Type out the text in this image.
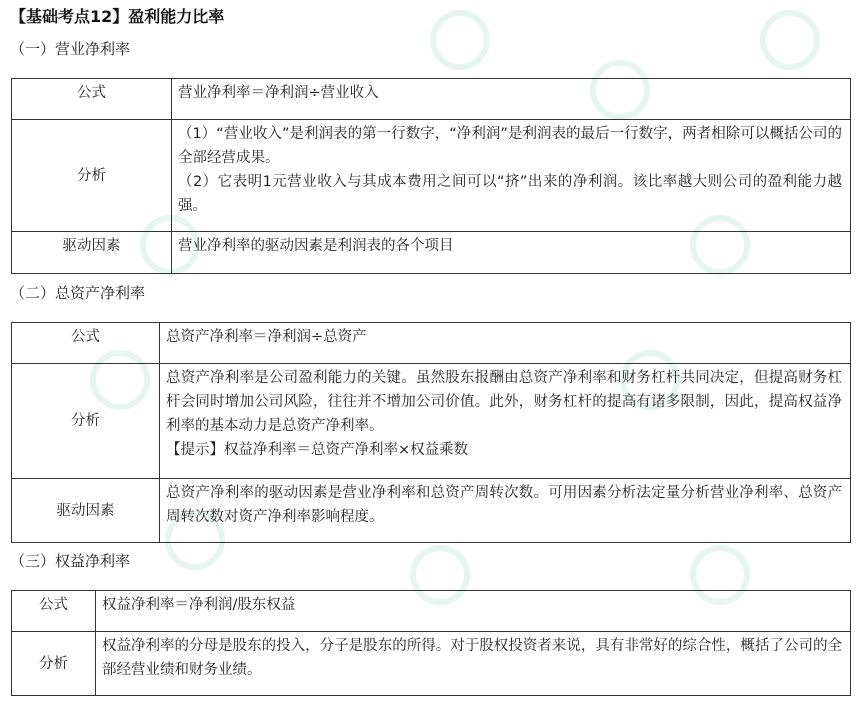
【基础考点12】盈利能力比率
（一）营业净利率
公式	营业净利率＝净利润÷营业收入

分析	（1）“营业收入”是利润表的第一行数字，“净利润”是利润表的最后一行数字，两者相除可以概括公司的全部经营成果。
（2）它表明1元营业收入与其成本费用之间可以“挤”出来的净利润。该比率越大则公司的盈利能力越强。

驱动因素	营业净利率的驱动因素是利润表的各个项目
（二）总资产净利率
公式	总资产净利率＝净利润÷总资产

分析	总资产净利率是公司盈利能力的关键。虽然股东报酬由总资产净利率和财务杠杆共同决定，但提高财务杠杆会同时增加公司风险，往往并不增加公司价值。此外，财务杠杆的提高有诸多限制，因此，提高权益净利率的基本动力是总资产净利率。
【提示】权益净利率＝总资产净利率×权益乘数

驱动因素	总资产净利率的驱动因素是营业净利率和总资产周转次数。可用因素分析法定量分析营业净利率、总资产周转次数对资产净利率影响程度。
（三）权益净利率
公式	权益净利率＝净利润/股东权益

分析	权益净利率的分母是股东的投入，分子是股东的所得。对于股权投资者来说，具有非常好的综合性，概括了公司的全部经营业绩和财务业绩。
